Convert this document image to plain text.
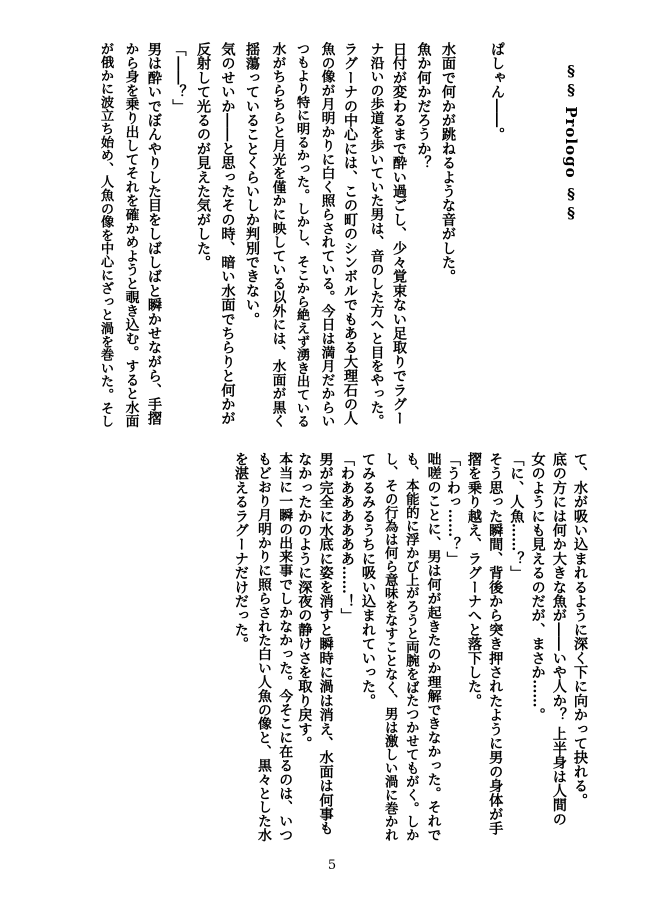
§§ Prologo §§
ぱしゃん――。
水面で何かが跳ねるような音がした。
魚か何かだろうか？
日付が変わるまで酔い過ごし、少々覚束ない足取りでラグー
ナ沿いの歩道を歩いていた男は、音のした方へと目をやった。
ラグーナの中心には、この町のシンボルでもある大理石の人
魚の像が月明かりに白く照らされている。今日は満月だからい
つもより特に明るかった。しかし、そこから絶えず湧き出ている
水がちらちらと月光を僅かに映している以外には、水面が黒く
揺蕩っていることくらいしか判別できない。
気のせいか――と思ったその時、暗い水面でちらりと何かが
反射して光るのが見えた気がした。
「――？」
男は酔いでぼんやりした目をしばしばと瞬かせながら、手摺
から身を乗り出してそれを確かめようと覗き込む。すると水面
が俄かに波立ち始め、人魚の像を中心にざっと渦を巻いた。そし
て、水が吸い込まれるように深く下に向かって抉れる。
底の方には何か大きな魚が――いや人か？ 上半身は人間の
女のようにも見えるのだが、まさか……。
「に、人魚……？」
そう思った瞬間、背後から突き押されたように男の身体が手
摺を乗り越え、ラグーナへと落下した。
「うわっ……？」
咄嗟のことに、男は何が起きたのか理解できなかった。それで
も、本能的に浮かび上がろうと両腕をばたつかせてもがく。しか
し、その行為は何ら意味をなすことなく、男は激しい渦に巻かれ
てみるみるうちに吸い込まれていった。
「わああああああ……！」
男が完全に水底に姿を消すと瞬時に渦は消え、水面は何事も
なかったかのように深夜の静けさを取り戻す。
本当に一瞬の出来事でしかなかった。今そこに在るのは、いつ
もどおり月明かりに照らされた白い人魚の像と、黒々とした水
を湛えるラグーナだけだった。
5
